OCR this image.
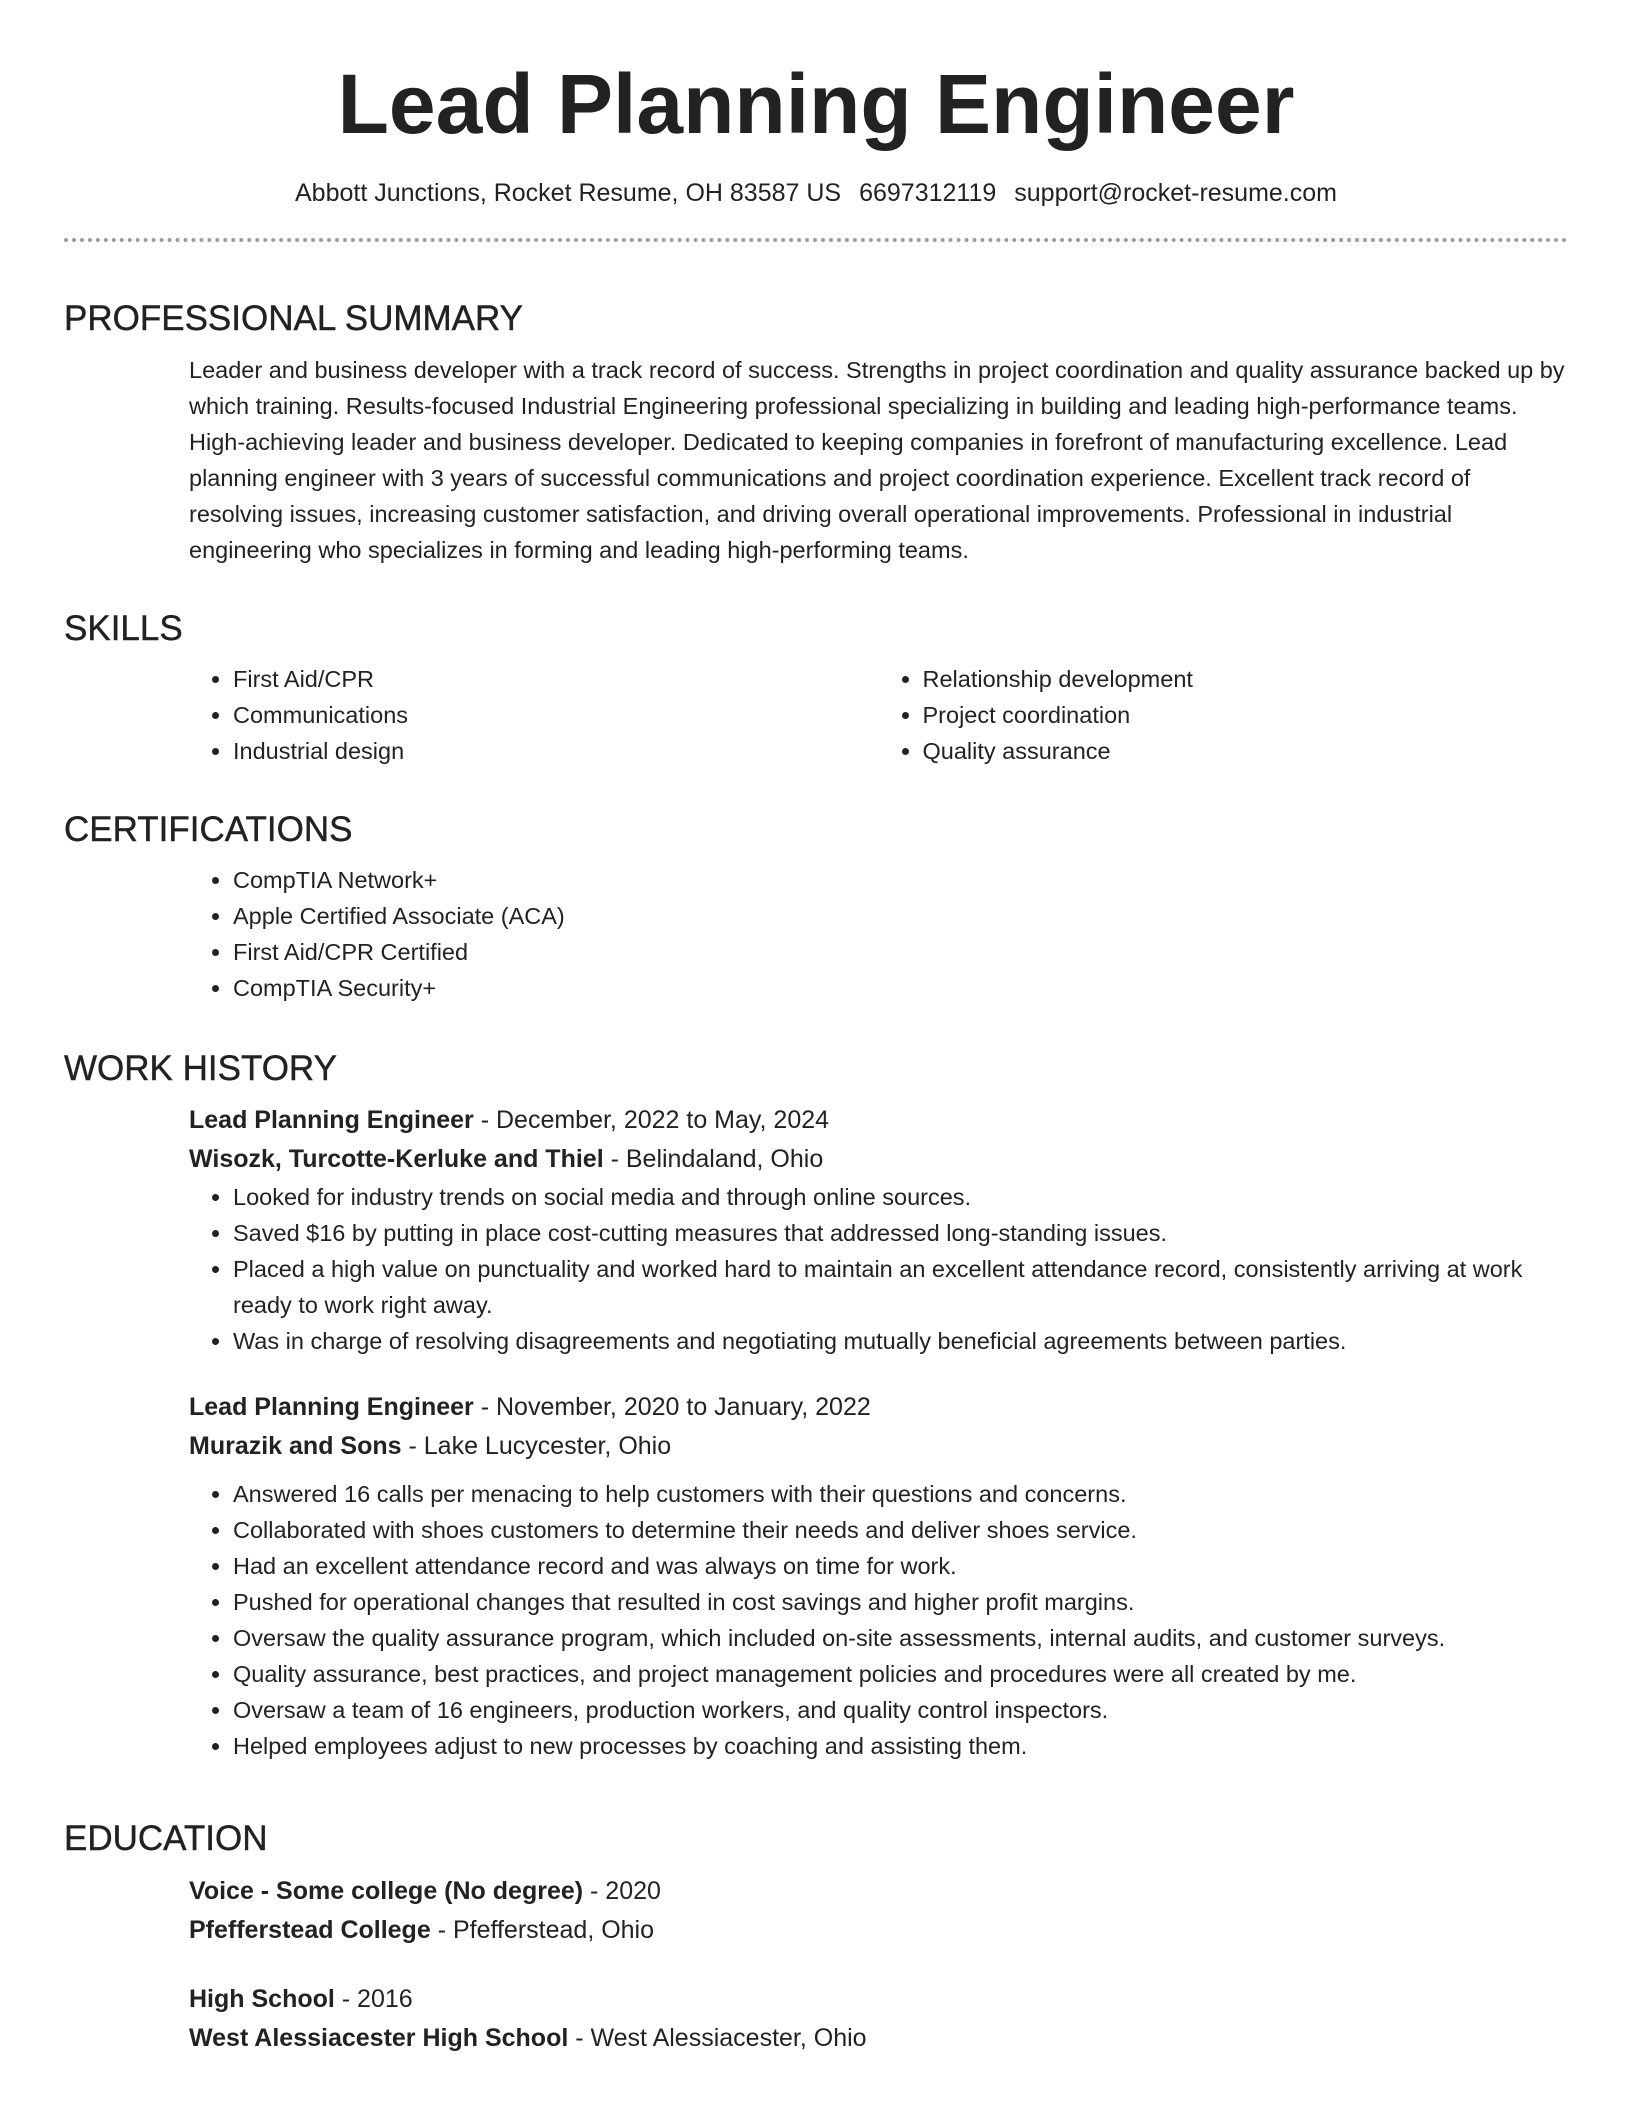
Lead Planning Engineer
Abbott Junctions, Rocket Resume, OH 83587 US 6697312119 support@rocket-resume.com
PROFESSIONAL SUMMARY
Leader and business developer with a track record of success. Strengths in project coordination and quality assurance backed up by which training. Results-focused Industrial Engineering professional specializing in building and leading high-performance teams. High-achieving leader and business developer. Dedicated to keeping companies in forefront of manufacturing excellence. Lead planning engineer with 3 years of successful communications and project coordination experience. Excellent track record of resolving issues, increasing customer satisfaction, and driving overall operational improvements. Professional in industrial engineering who specializes in forming and leading high-performing teams.
SKILLS
• First Aid/CPR
• Communications
• Industrial design
• Relationship development
• Project coordination
• Quality assurance
CERTIFICATIONS
• CompTIA Network+
• Apple Certified Associate (ACA)
• First Aid/CPR Certified
• CompTIA Security+
WORK HISTORY
Lead Planning Engineer - December, 2022 to May, 2024
Wisozk, Turcotte-Kerluke and Thiel - Belindaland, Ohio
• Looked for industry trends on social media and through online sources.
• Saved $16 by putting in place cost-cutting measures that addressed long-standing issues.
• Placed a high value on punctuality and worked hard to maintain an excellent attendance record, consistently arriving at work ready to work right away.
• Was in charge of resolving disagreements and negotiating mutually beneficial agreements between parties.
Lead Planning Engineer - November, 2020 to January, 2022
Murazik and Sons - Lake Lucycester, Ohio
• Answered 16 calls per menacing to help customers with their questions and concerns.
• Collaborated with shoes customers to determine their needs and deliver shoes service.
• Had an excellent attendance record and was always on time for work.
• Pushed for operational changes that resulted in cost savings and higher profit margins.
• Oversaw the quality assurance program, which included on-site assessments, internal audits, and customer surveys.
• Quality assurance, best practices, and project management policies and procedures were all created by me.
• Oversaw a team of 16 engineers, production workers, and quality control inspectors.
• Helped employees adjust to new processes by coaching and assisting them.
EDUCATION
Voice - Some college (No degree) - 2020
Pfefferstead College - Pfefferstead, Ohio
High School - 2016
West Alessiacester High School - West Alessiacester, Ohio
